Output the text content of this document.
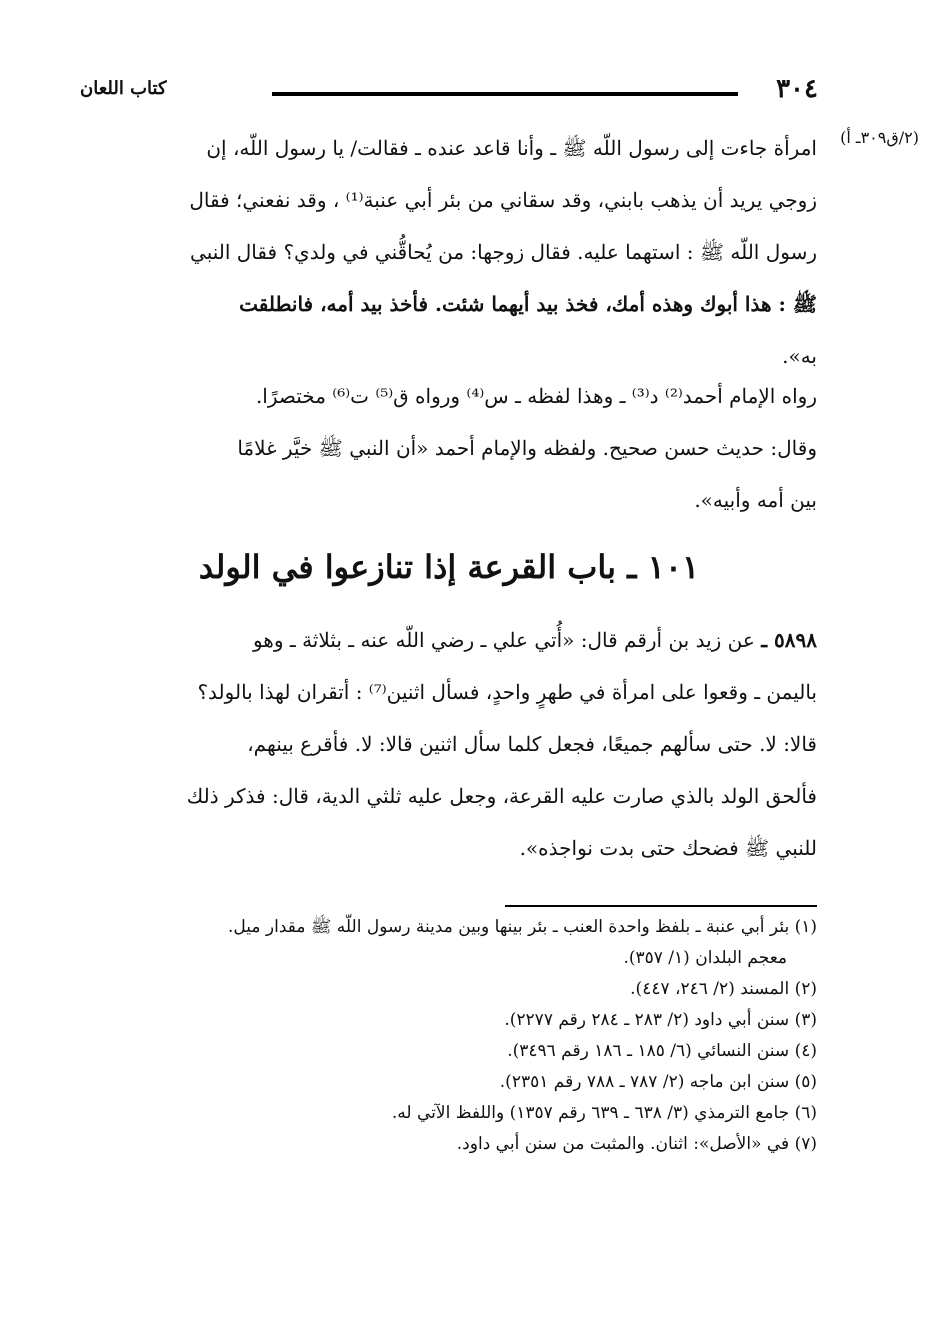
٣٠٤
كتاب اللعان
(٢/ق٣٠٩ـ أ)
امرأة جاءت إلى رسول اللّه ﷺ ـ وأنا قاعد عنده ـ فقالت/ يا رسول اللّه، إن
زوجي يريد أن يذهب بابني، وقد سقاني من بئر أبي عنبة⁽¹⁾ ، وقد نفعني؛ فقال
رسول اللّه ﷺ : استهما عليه. فقال زوجها: من يُحاقُّني في ولدي؟ فقال النبي
ﷺ : هذا أبوك وهذه أمك، فخذ بيد أيهما شئت. فأخذ بيد أمه، فانطلقت
به».
رواه الإمام أحمد⁽²⁾ د⁽³⁾ ـ وهذا لفظه ـ س⁽⁴⁾ ورواه ق⁽⁵⁾ ت⁽⁶⁾ مختصرًا.
وقال: حديث حسن صحيح. ولفظه والإمام أحمد «أن النبي ﷺ خيَّر غلامًا
بين أمه وأبيه».
١٠١ ـ باب القرعة إذا تنازعوا في الولد
٥٨٩٨ ـ عن زيد بن أرقم قال: «أُتي علي ـ رضي اللّه عنه ـ بثلاثة ـ وهو
باليمن ـ وقعوا على امرأة في طهرٍ واحدٍ، فسأل اثنين⁽⁷⁾ : أتقران لهذا بالولد؟
قالا: لا. حتى سألهم جميعًا، فجعل كلما سأل اثنين قالا: لا. فأقرع بينهم،
فألحق الولد بالذي صارت عليه القرعة، وجعل عليه ثلثي الدية، قال: فذكر ذلك
للنبي ﷺ فضحك حتى بدت نواجذه».
(١) بئر أبي عنبة ـ بلفظ واحدة العنب ـ بئر بينها وبين مدينة رسول اللّه ﷺ مقدار ميل.
معجم البلدان (١/ ٣٥٧).
(٢) المسند (٢/ ٢٤٦، ٤٤٧).
(٣) سنن أبي داود (٢/ ٢٨٣ ـ ٢٨٤ رقم ٢٢٧٧).
(٤) سنن النسائي (٦/ ١٨٥ ـ ١٨٦ رقم ٣٤٩٦).
(٥) سنن ابن ماجه (٢/ ٧٨٧ ـ ٧٨٨ رقم ٢٣٥١).
(٦) جامع الترمذي (٣/ ٦٣٨ ـ ٦٣٩ رقم ١٣٥٧) واللفظ الآتي له.
(٧) في «الأصل»: اثنان. والمثبت من سنن أبي داود.
